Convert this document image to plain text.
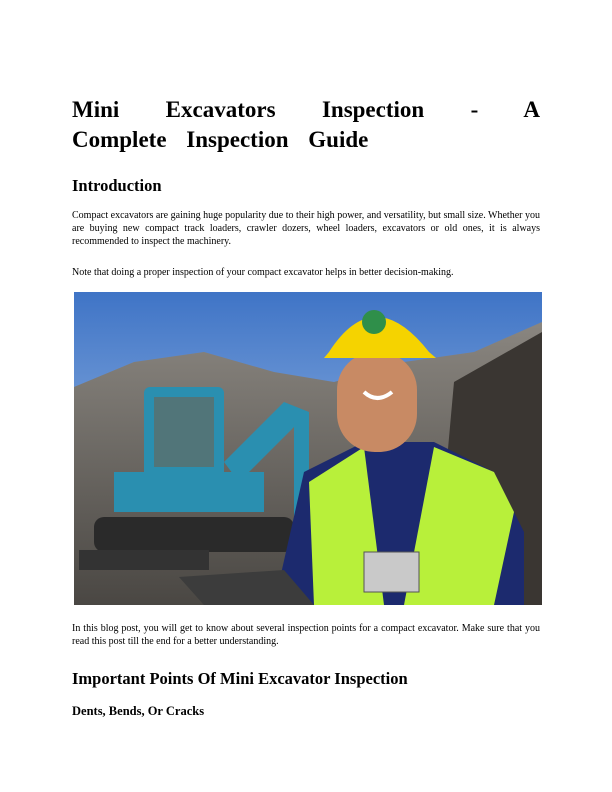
Mini Excavators Inspection - A Complete Inspection Guide
Introduction

Compact excavators are gaining huge popularity due to their high power, and versatility, but small size. Whether you are buying new compact track loaders, crawler dozers, wheel loaders, excavators or old ones, it is always recommended to inspect the machinery.

Note that doing a proper inspection of your compact excavator helps in better decision-making.

In this blog post, you will get to know about several inspection points for a compact excavator. Make sure that you read this post till the end for a better understanding.

Important Points Of Mini Excavator Inspection
Dents, Bends, Or Cracks
